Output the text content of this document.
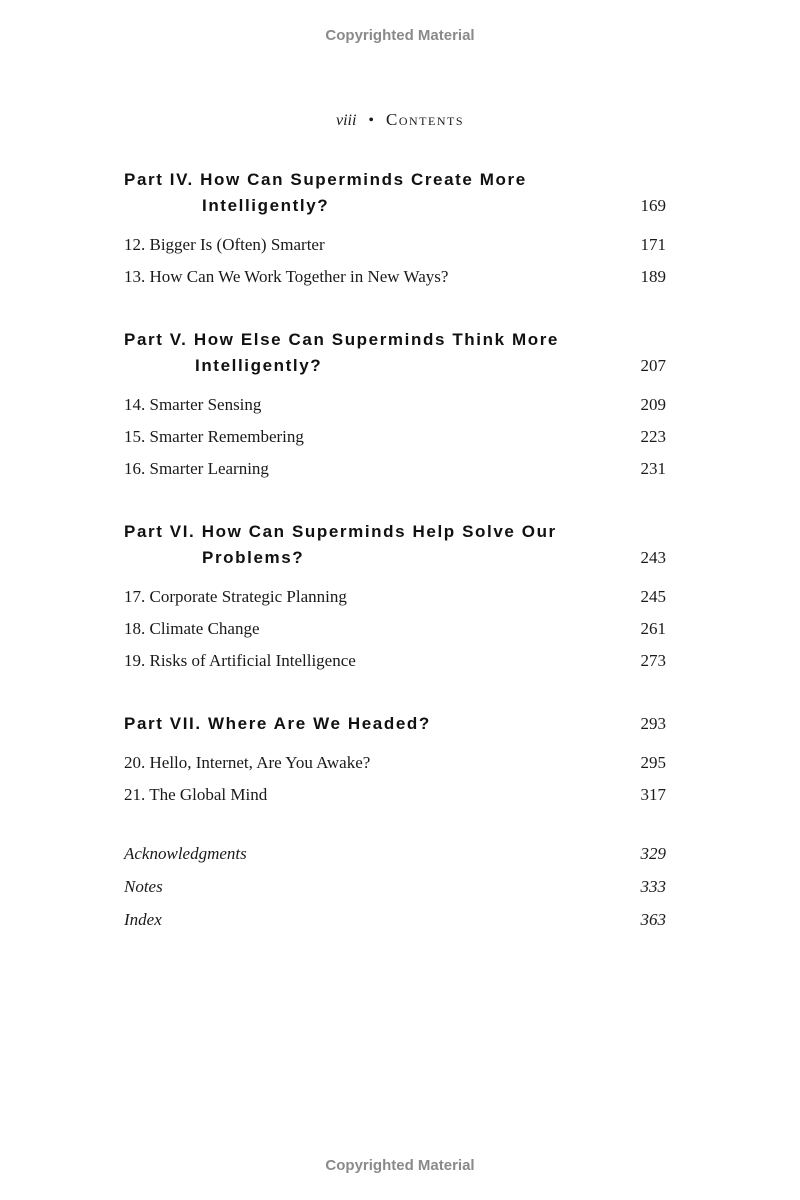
Copyrighted Material
viii • Contents
Part IV. How Can Superminds Create More
Intelligently?	169
12. Bigger Is (Often) Smarter	171
13. How Can We Work Together in New Ways?	189
Part V. How Else Can Superminds Think More
Intelligently?	207
14. Smarter Sensing	209
15. Smarter Remembering	223
16. Smarter Learning	231
Part VI. How Can Superminds Help Solve Our
Problems?	243
17. Corporate Strategic Planning	245
18. Climate Change	261
19. Risks of Artificial Intelligence	273
Part VII. Where Are We Headed?	293
20. Hello, Internet, Are You Awake?	295
21. The Global Mind	317
Acknowledgments	329
Notes	333
Index	363
Copyrighted Material
